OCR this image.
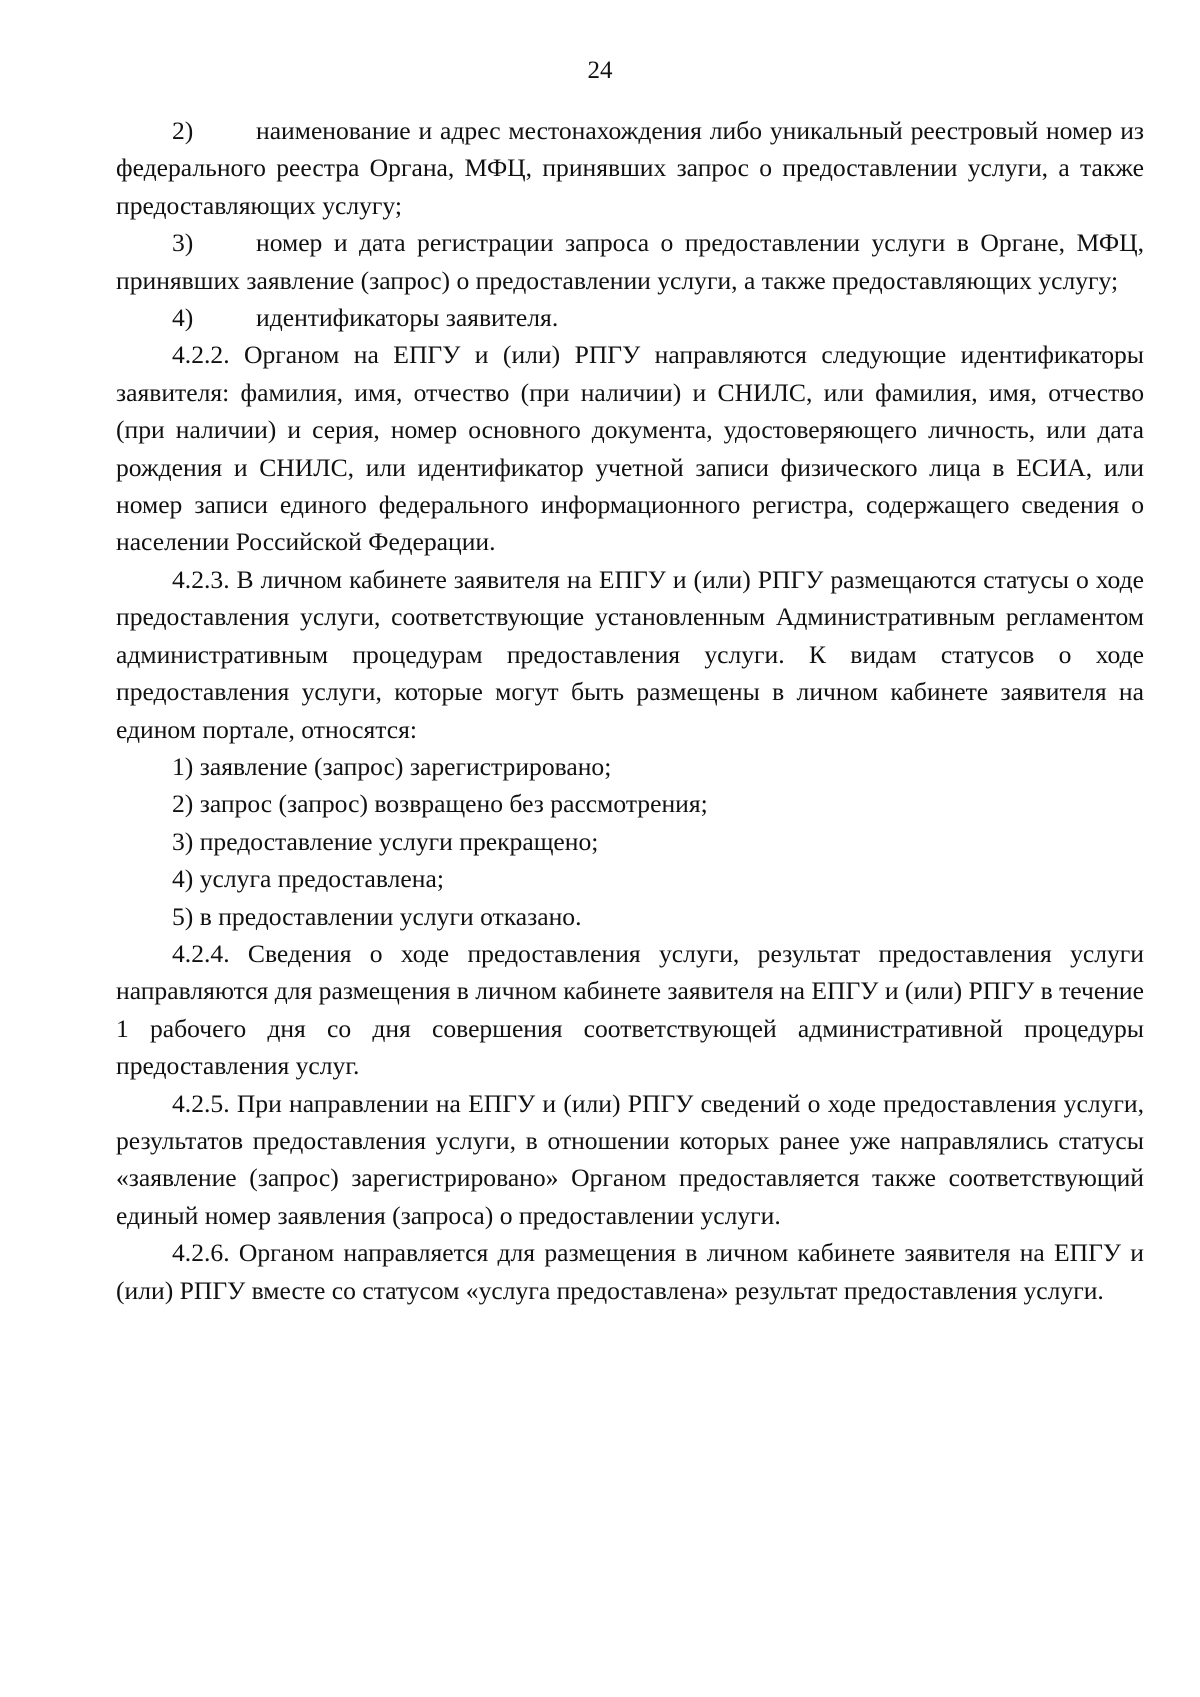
24

2) наименование и адрес местонахождения либо уникальный реестровый номер из федерального реестра Органа, МФЦ, принявших запрос о предоставлении услуги, а также предоставляющих услугу;

3) номер и дата регистрации запроса о предоставлении услуги в Органе, МФЦ, принявших заявление (запрос) о предоставлении услуги, а также предоставляющих услугу;

4) идентификаторы заявителя.

4.2.2. Органом на ЕПГУ и (или) РПГУ направляются следующие идентификаторы заявителя: фамилия, имя, отчество (при наличии) и СНИЛС, или фамилия, имя, отчество (при наличии) и серия, номер основного документа, удостоверяющего личность, или дата рождения и СНИЛС, или идентификатор учетной записи физического лица в ЕСИА, или номер записи единого федерального информационного регистра, содержащего сведения о населении Российской Федерации.

4.2.3. В личном кабинете заявителя на ЕПГУ и (или) РПГУ размещаются статусы о ходе предоставления услуги, соответствующие установленным Административным регламентом административным процедурам предоставления услуги. К видам статусов о ходе предоставления услуги, которые могут быть размещены в личном кабинете заявителя на едином портале, относятся:

1) заявление (запрос) зарегистрировано;

2) запрос (запрос) возвращено без рассмотрения;

3) предоставление услуги прекращено;

4) услуга предоставлена;

5) в предоставлении услуги отказано.

4.2.4. Сведения о ходе предоставления услуги, результат предоставления услуги направляются для размещения в личном кабинете заявителя на ЕПГУ и (или) РПГУ в течение 1 рабочего дня со дня совершения соответствующей административной процедуры предоставления услуг.

4.2.5. При направлении на ЕПГУ и (или) РПГУ сведений о ходе предоставления услуги, результатов предоставления услуги, в отношении которых ранее уже направлялись статусы «заявление (запрос) зарегистрировано» Органом предоставляется также соответствующий единый номер заявления (запроса) о предоставлении услуги.

4.2.6. Органом направляется для размещения в личном кабинете заявителя на ЕПГУ и (или) РПГУ вместе со статусом «услуга предоставлена» результат предоставления услуги.
